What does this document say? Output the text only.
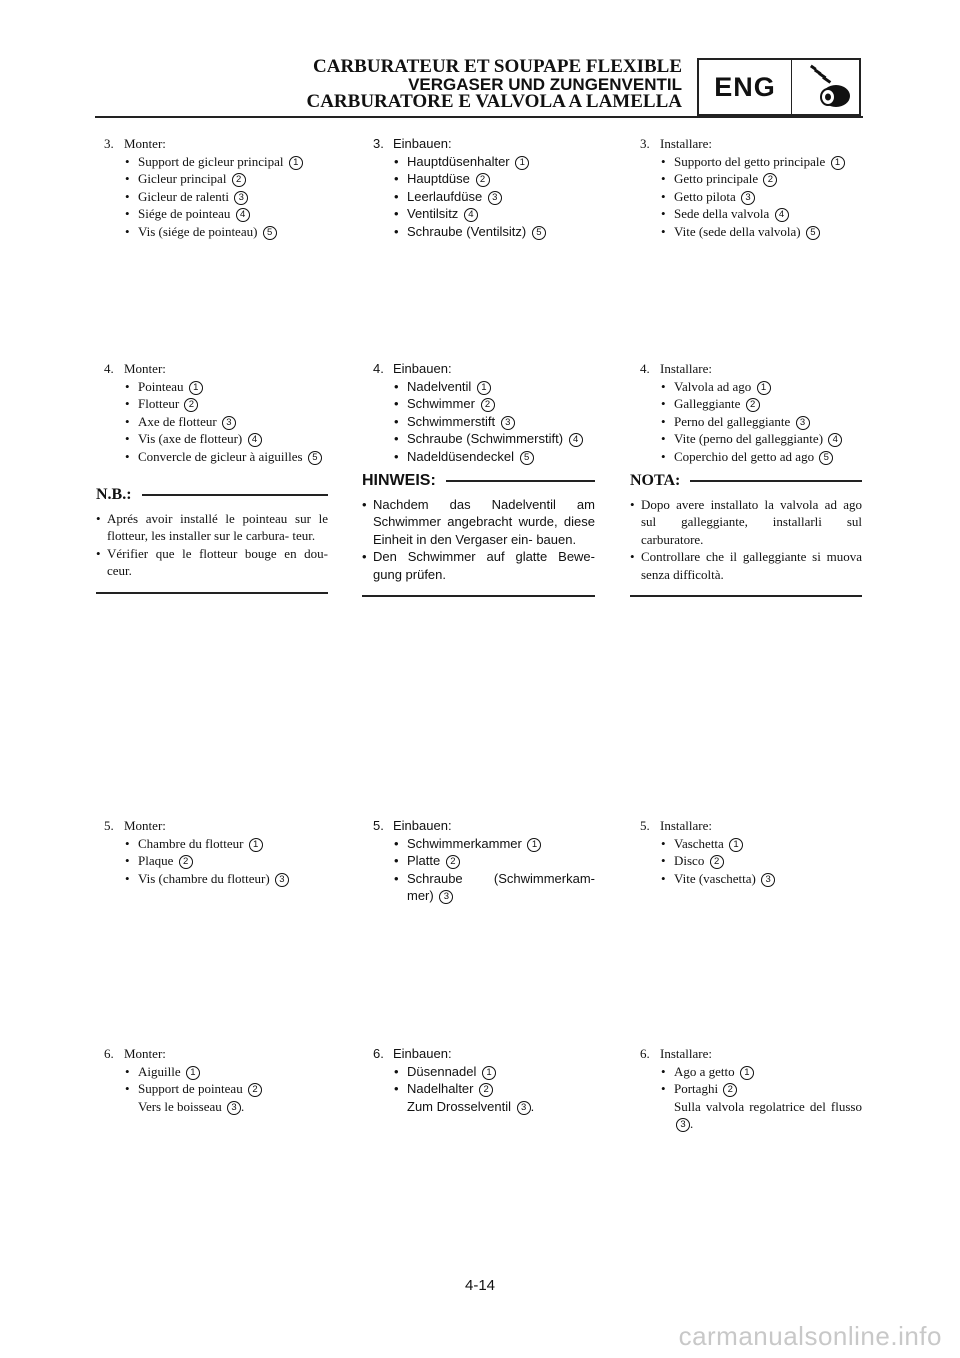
CARBURATEUR ET SOUPAPE FLEXIBLE
VERGASER UND ZUNGENVENTIL
CARBURATORE E VALVOLA A LAMELLA	ENG
3. Monter:
• Support de gicleur principal 1
• Gicleur principal 2
• Gicleur de ralenti 3
• Siége de pointeau 4
• Vis (siége de pointeau) 5
3. Einbauen:
• Hauptdüsenhalter 1
• Hauptdüse 2
• Leerlaufdüse 3
• Ventilsitz 4
• Schraube (Ventilsitz) 5
3. Installare:
• Supporto del getto principale 1
• Getto principale 2
• Getto pilota 3
• Sede della valvola 4
• Vite (sede della valvola) 5
4. Monter:
• Pointeau 1
• Flotteur 2
• Axe de flotteur 3
• Vis (axe de flotteur) 4
• Convercle de gicleur à aiguilles 5
4. Einbauen:
• Nadelventil 1
• Schwimmer 2
• Schwimmerstift 3
• Schraube (Schwimmerstift) 4
• Nadeldüsendeckel 5
4. Installare:
• Valvola ad ago 1
• Galleggiante 2
• Perno del galleggiante 3
• Vite (perno del galleggiante) 4
• Coperchio del getto ad ago 5
N.B.:
• Aprés avoir installé le pointeau sur le flotteur, les installer sur le carbura- teur.
• Vérifier que le flotteur bouge en dou- ceur.
HINWEIS:
• Nachdem das Nadelventil am Schwimmer angebracht wurde, diese Einheit in den Vergaser ein- bauen.
• Den Schwimmer auf glatte Bewe- gung prüfen.
NOTA:
• Dopo avere installato la valvola ad ago sul galleggiante, installarli sul carburatore.
• Controllare che il galleggiante si muova senza difficoltà.
5. Monter:
• Chambre du flotteur 1
• Plaque 2
• Vis (chambre du flotteur) 3
5. Einbauen:
• Schwimmerkammer 1
• Platte 2
• Schraube (Schwimmerkam- mer) 3
5. Installare:
• Vaschetta 1
• Disco 2
• Vite (vaschetta) 3
6. Monter:
• Aiguille 1
• Support de pointeau 2
Vers le boisseau 3 .
6. Einbauen:
• Düsennadel 1
• Nadelhalter 2
Zum Drosselventil 3 .
6. Installare:
• Ago a getto 1
• Portaghi 2
Sulla valvola regolatrice del flusso 3 .
4-14
carmanualsonline.info
